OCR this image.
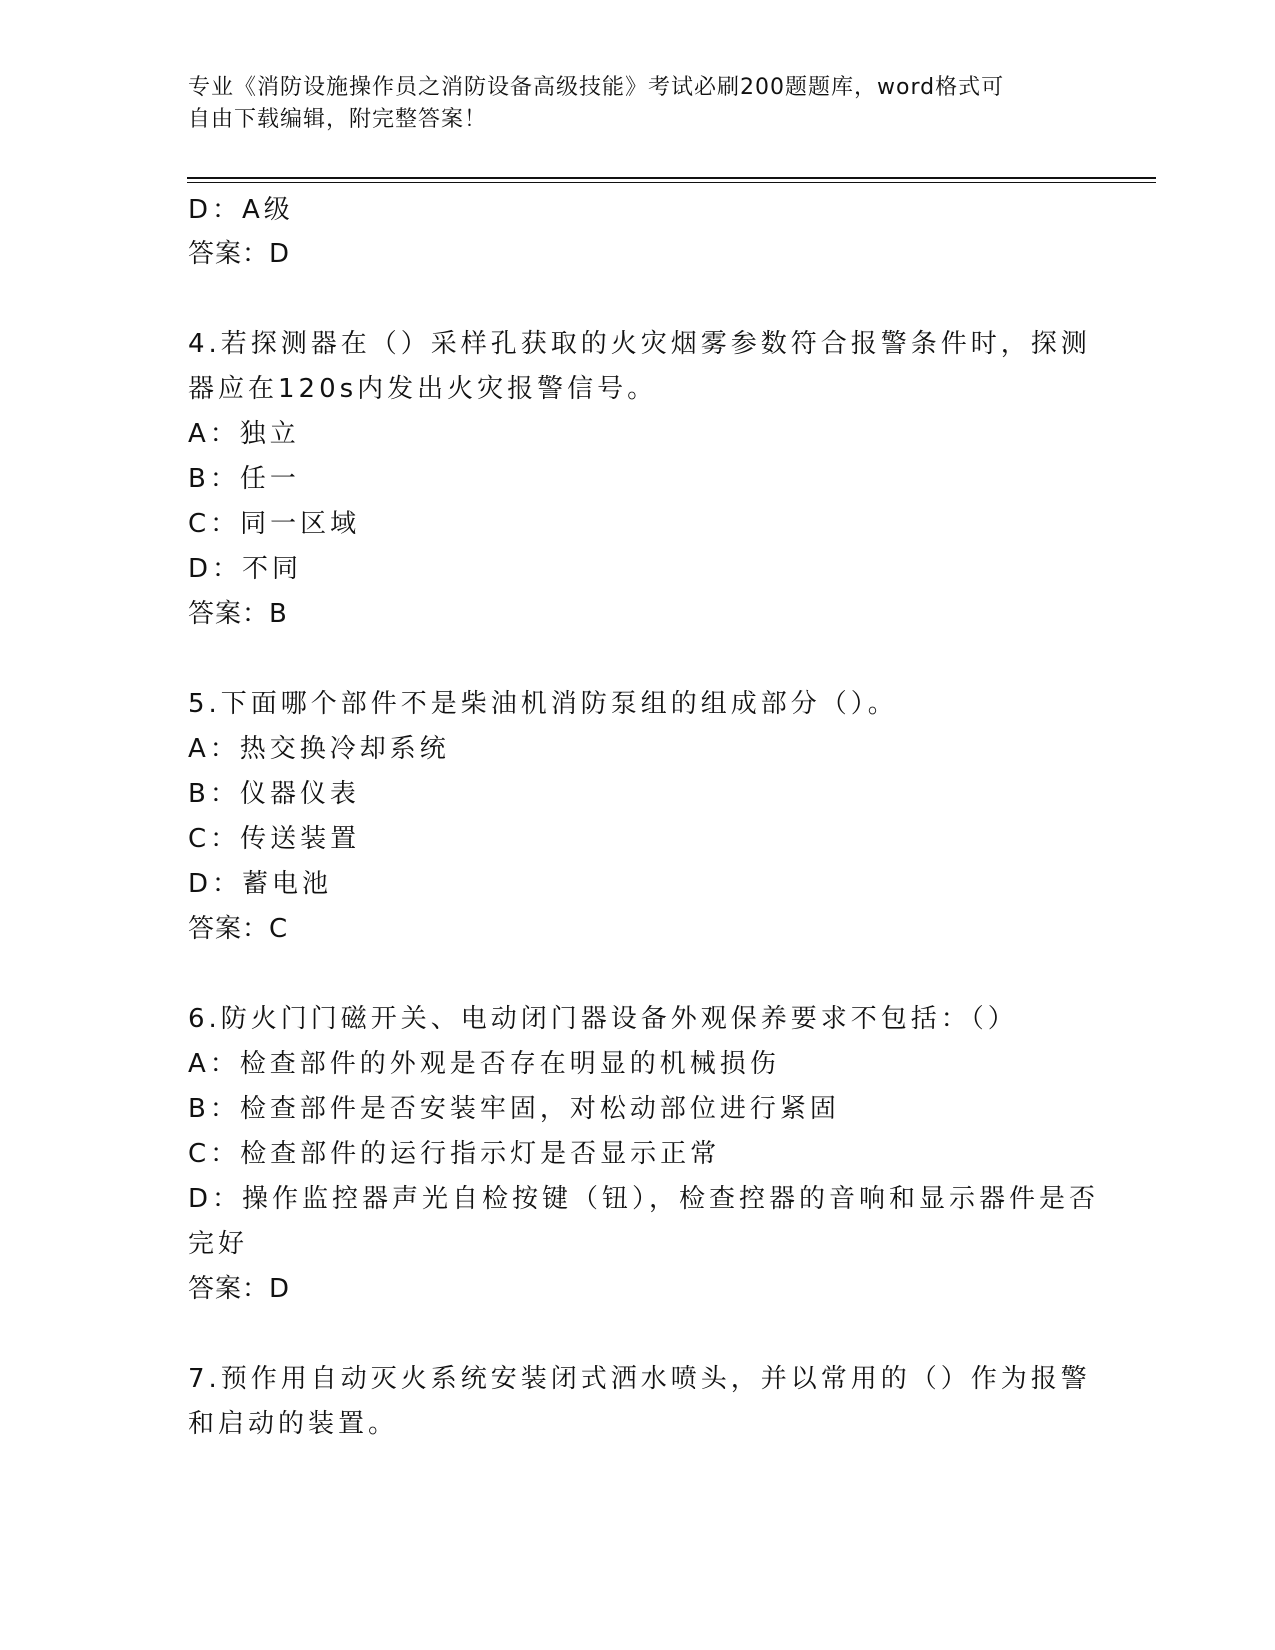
专业《消防设施操作员之消防设备高级技能》考试必刷200题题库，word格式可
自由下载编辑，附完整答案！
D：A级
答案：D
4.若探测器在（）采样孔获取的火灾烟雾参数符合报警条件时，探测
器应在120s内发出火灾报警信号。
A：独立
B：任一
C：同一区域
D：不同
答案：B
5.下面哪个部件不是柴油机消防泵组的组成部分（）。
A：热交换冷却系统
B：仪器仪表
C：传送装置
D：蓄电池
答案：C
6.防火门门磁开关、电动闭门器设备外观保养要求不包括：（）
A：检查部件的外观是否存在明显的机械损伤
B：检查部件是否安装牢固，对松动部位进行紧固
C：检查部件的运行指示灯是否显示正常
D：操作监控器声光自检按键（钮），检查控器的音响和显示器件是否
完好
答案：D
7.预作用自动灭火系统安装闭式洒水喷头，并以常用的（）作为报警
和启动的装置。
